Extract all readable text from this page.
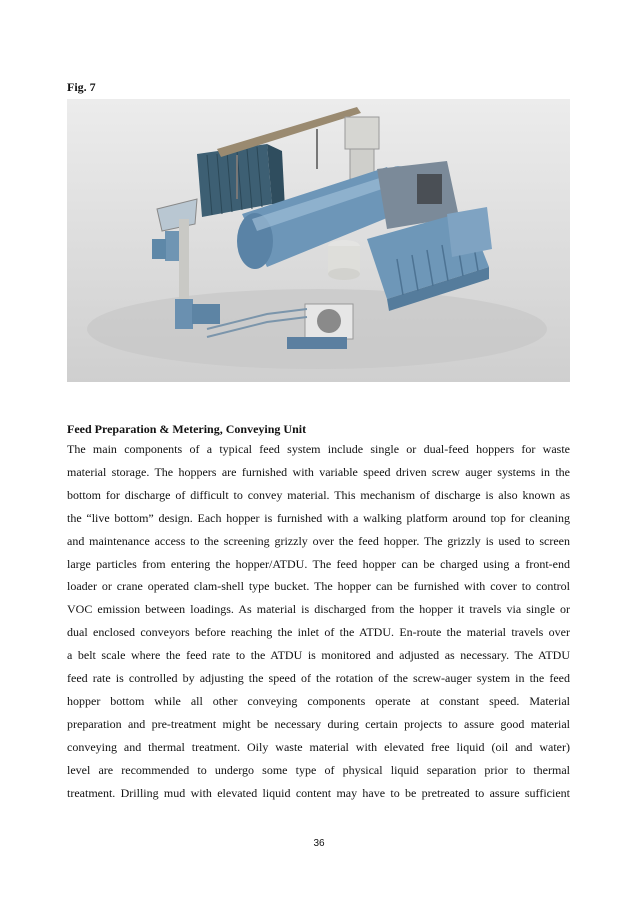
Fig. 7

Feed Preparation & Metering, Conveying Unit

The main components of a typical feed system include single or dual-feed hoppers for waste
material storage. The hoppers are furnished with variable speed driven screw auger systems in the
bottom for discharge of difficult to convey material. This mechanism of discharge is also known as
the “live bottom” design. Each hopper is furnished with a walking platform around top for cleaning
and maintenance access to the screening grizzly over the feed hopper. The grizzly is used to screen
large particles from entering the hopper/ATDU. The feed hopper can be charged using a front-end
loader or crane operated clam-shell type bucket. The hopper can be furnished with cover to control
VOC emission between loadings. As material is discharged from the hopper it travels via single or
dual enclosed conveyors before reaching the inlet of the ATDU. En-route the material travels over
a belt scale where the feed rate to the ATDU is monitored and adjusted as necessary. The ATDU
feed rate is controlled by adjusting the speed of the rotation of the screw-auger system in the feed
hopper bottom while all other conveying components operate at constant speed. Material
preparation and pre-treatment might be necessary during certain projects to assure good material
conveying and thermal treatment. Oily waste material with elevated free liquid (oil and water)
level are recommended to undergo some type of physical liquid separation prior to thermal
treatment. Drilling mud with elevated liquid content may have to be pretreated to assure sufficient

36
